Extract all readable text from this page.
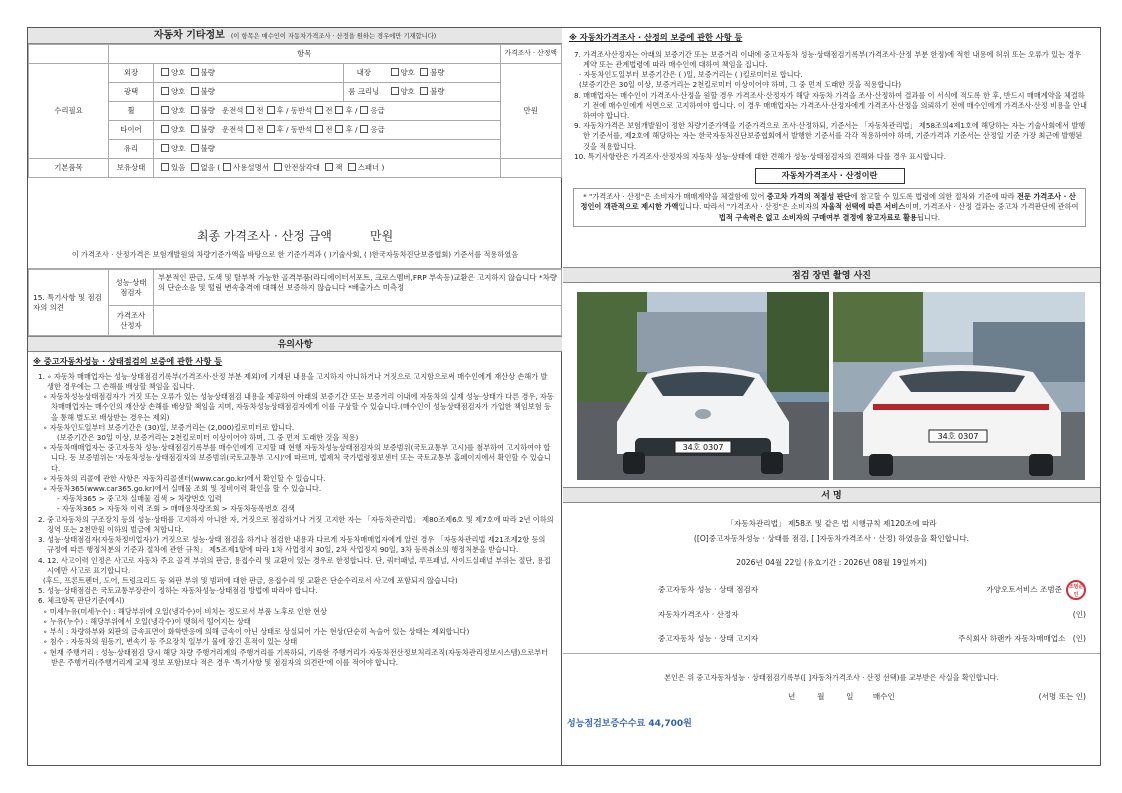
자동차 기타정보 (이 항목은 매수인이 자동차가격조사 · 산정을 원하는 경우에만 기재합니다)
	항목				가격조사 · 산정액
수리필요	외장	양호 불량	내장	양호 불량	만원
	광택	양호 불량	룸 크리닝	양호 불량	
	휠	양호 불량 운전석 전 후 / 동반석 전 후 / 응급			
	타이어	양호 불량 운전석 전 후 / 동반석 전 후 / 응급			
	유리	양호 불량			
기본품목	보유상태	있음 없음 ( 사용설명서 안전삼각대 잭 스패너 )			
최종 가격조사 · 산정 금액	만원
이 가격조사 · 산정가격은 보험개발원의 차량기준가액을 바탕으로 한 기준가격과 ( )기술사회, ( )한국자동차진단보증협회) 기준서를 적용하였음
15. 특기사항 및 점검자의 의견	성능·상태 점검자	부분적인 판금, 도색 및 탈부착 가능한 골격부품(라디에이터서포트, 크로스멤버,FRP 부속등)교환은 고지하지 않습니다 *차량의 단순소음 및 떨림 변속충격에 대해선 보증하지 않습니다 *배출가스 미측정
	가격조사 산정자	
유의사항
※ 중고자동차성능 · 상태점검의 보증에 관한 사항 등

1. ∘ 자동차 매매업자는 성능·상태점검기록부(가격조사·산정 부분 제외)에 기재된 내용을 고지하지 아니하거나 거짓으로 고지함으로써 매수인에게 재산상 손해가 발생한 경우에는 그 손해를 배상할 책임을 집니다.

∘ 자동차성능상태점검자가 거짓 또는 오류가 있는 성능상태점검 내용을 제공하여 아래의 보증기간 또는 보증거리 이내에 자동차의 실제 성능·상태가 다른 경우, 자동차매매업자는 매수인의 재산상 손해를 배상할 책임을 지며, 자동차성능상태점검자에게 이를 구상할 수 있습니다.(매수인이 성능상태점검자가 가입한 책임보험 등을 통해 별도로 배상받는 경우는 제외)

∘ 자동차인도일부터 보증기간은 (30)일, 보증거리는 (2,000)킬로미터로 합니다.

(보증기간은 30일 이상, 보증거리는 2천킬로미터 이상이어야 하며, 그 중 먼저 도래한 것을 적용)

∘ 자동차매매업자는 중고자동차 성능·상태점검기록부를 매수인에게 고지할 때 현행 자동차성능상태점검자의 보증범위(국토교통부 고시)를 첨부하여 고지하여야 합니다. 동 보증범위는 '자동차성능·상태점검자의 보증범위(국토교통부 고시)'에 따르며, 법제처 국가법령정보센터 또는 국토교통부 홈페이지에서 확인할 수 있습니다.

∘ 자동차의 리콜에 관한 사항은 자동차리콜센터(www.car.go.kr)에서 확인할 수 있습니다.

∘ 자동차365(www.car365.go.kr)에서 실매물 조회 및 정비이력 확인을 할 수 있습니다.

- 자동차365 > 중고차 실매물 검색 > 차량번호 입력

- 자동차365 > 자동차 이력 조회 > 매매용차량조회 > 자동차등록번호 검색

2. 중고자동차의 구조장치 등의 성능·상태를 고지하지 아니한 자, 거짓으로 점검하거나 거짓 고지한 자는 「자동차관리법」 제80조제6호 및 제7호에 따라 2년 이하의 징역 또는 2천만원 이하의 벌금에 처합니다.

3. 성능·상태점검자(자동차정비업자)가 거짓으로 성능·상태 점검을 하거나 점검한 내용과 다르게 자동차매매업자에게 알린 경우 「자동차관리법 제21조제2항 등의 규정에 따른 행정처분의 기준과 절차에 관한 규칙」 제5조제1항에 따라 1차 사업정지 30일, 2차 사업정지 90일, 3차 등록취소의 행정처분을 받습니다.

4. 12. 사고이력 인정은 사고로 자동차 주요 골격 부위의 판금, 용접수리 및 교환이 있는 경우로 한정합니다. 단, 쿼터패널, 루프패널, 사이드실패널 부위는 절단, 용접 시에만 사고로 표기합니다.

(후드, 프론트펜더, 도어, 트렁크리드 등 외판 부위 및 범퍼에 대한 판금, 용접수리 및 교환은 단순수리로서 사고에 포함되지 않습니다)

5. 성능·상태점검은 국토교통부장관이 정하는 자동차성능·상태점검 방법에 따라야 합니다.

6. 체크항목 판단기준(예시)

∘ 미세누유(미세누수) : 해당부위에 오일(냉각수)이 비치는 정도로서 부품 노후로 인한 현상

∘ 누유(누수) : 해당부위에서 오일(냉각수)이 맺혀서 떨어지는 상태

∘ 부식 : 차량하부와 외판의 금속표면이 화학반응에 의해 금속이 아닌 상태로 상실되어 가는 현상(단순히 녹슬어 있는 상태는 제외합니다)

∘ 침수 : 자동차의 원동기, 변속기 등 주요장치 일부가 물에 잠긴 흔적이 있는 상태

∘ 현재 주행거리 : 성능·상태점검 당시 해당 차량 주행거리계의 주행거리를 기록하되, 기록한 주행거리가 자동차전산정보처리조직(자동차관리정보시스템)으로부터 받은 주행거리(주행거리계 교체 정보 포함)보다 적은 경우 '특기사항 및 점검자의 의견란'에 이를 적어야 합니다.

※ 자동차가격조사 · 산정의 보증에 관한 사항 등

7. 가격조사산정자는 아래의 보증기간 또는 보증거리 이내에 중고자동차 성능·상태점검기록부(가격조사·산정 부분 한정)에 적힌 내용에 허위 또는 오류가 있는 경우 계약 또는 관계법령에 따라 매수인에 대하여 책임을 집니다.

· 자동차인도일부터 보증기간은 ( )일, 보증거리는 ( )킬로미터로 합니다.

(보증기간은 30일 이상, 보증거리는 2천킬로미터 이상이어야 하며, 그 중 먼저 도래한 것을 적용합니다)

8. 매매업자는 매수인이 가격조사·산정을 원할 경우 가격조사·산정자가 해당 자동차 가격을 조사·산정하여 결과를 이 서식에 적도록 한 후, 반드시 매매계약을 체결하기 전에 매수인에게 서면으로 고지하여야 합니다. 이 경우 매매업자는 가격조사·산정자에게 가격조사·산정을 의뢰하기 전에 매수인에게 가격조사·산정 비용을 안내하여야 합니다.

9. 자동차가격은 보험개발원이 정한 차량기준가액을 기준가격으로 조사·산정하되, 기준서는 「자동차관리법」 제58조의4제1호에 해당하는 자는 기술사회에서 발행한 기준서를, 제2호에 해당하는 자는 한국자동차진단보증협회에서 발행한 기준서를 각각 적용하여야 하며, 기준가격과 기준서는 산정일 기준 가장 최근에 발행된 것을 적용합니다.

10. 특기사항란은 가격조사·산정자의 자동차 성능·상태에 대한 견해가 성능·상태점검자의 견해와 다를 경우 표시합니다.

자동차가격조사 · 산정이란
* "가격조사 · 산정"은 소비자가 매매계약을 체결함에 있어 중고차 가격의 적절성 판단에 참고할 수 있도록 법령에 의한 절차와 기준에 따라 전문 가격조사 · 산정인이 객관적으로 제시한 가액입니다. 따라서 "가격조사 · 산정"은 소비자의 자율적 선택에 따른 서비스이며, 가격조사 · 산정 결과는 중고차 가격판단에 관하여 법적 구속력은 없고 소비자의 구매여부 결정에 참고자료로 활용됩니다.
점검 장면 촬영 사진
34호 0307
34호 0307
서 명
「자동차관리법」 제58조 및 같은 법 시행규칙 제120조에 따라
([O]중고자동차성능 · 상태를 점검, [ ]자동차가격조사 · 산정) 하였음을 확인합니다.
2026년 04월 22일 (유효기간 : 2026년 08월 19일까지)
중고자동차 성능 · 상태 점검자	가양오토서비스 조범준 조범준인
자동차가격조사 · 산정자	(인)
중고자동차 성능 · 상태 고지자	주식회사 하랜카 자동차매매업소 (인)
본인은 위 중고자동차성능 · 상태점검기록부([ ]자동차가격조사 · 산정 선택)를 교부받은 사실을 확인합니다.
년	월	일	매수인	(서명 또는 인)
성능점검보증수수료 44,700원
